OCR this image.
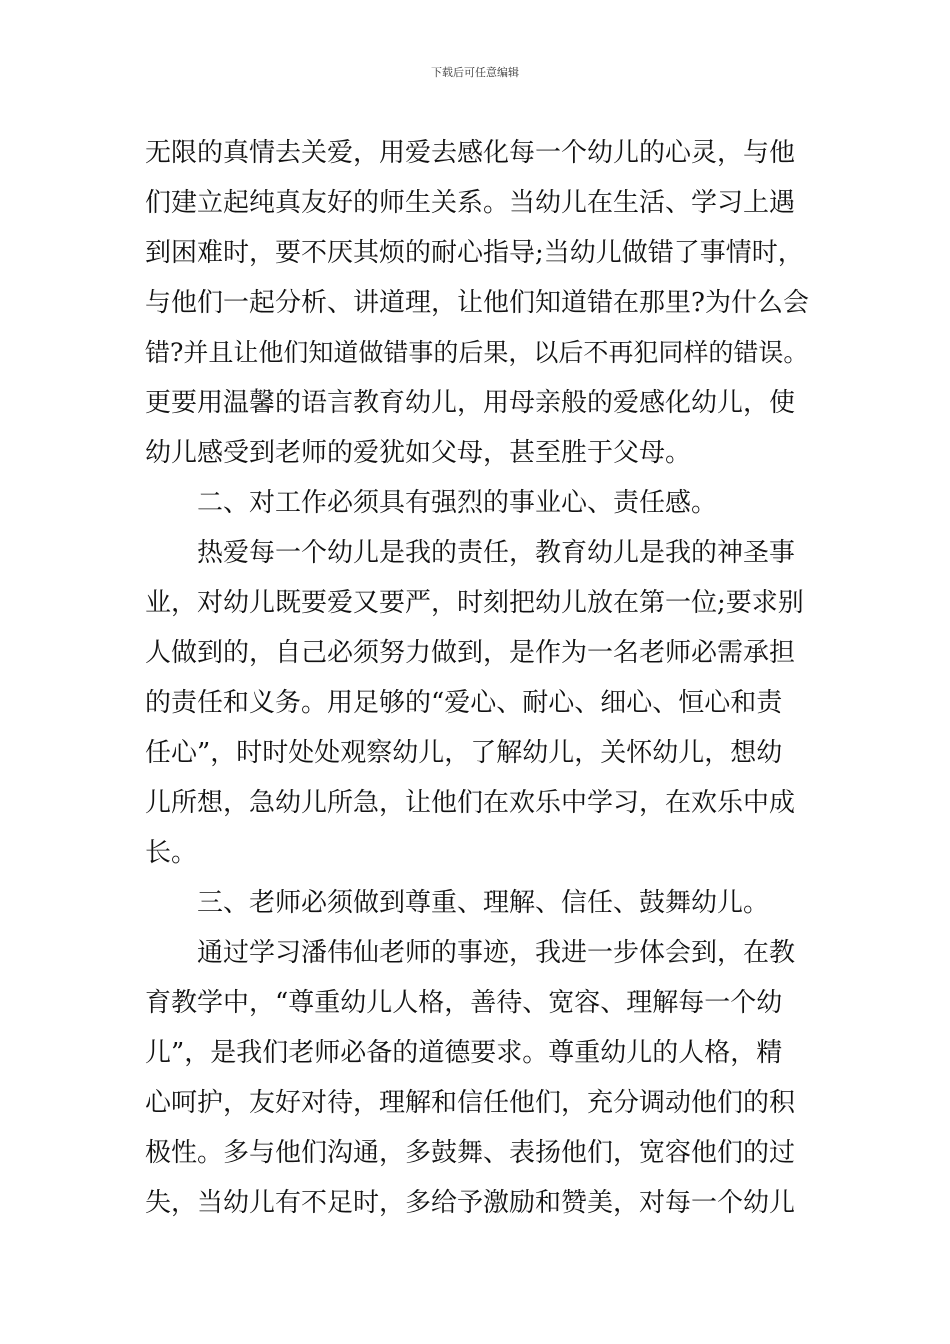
下载后可任意编辑
无限的真情去关爱，用爱去感化每一个幼儿的心灵，与他
们建立起纯真友好的师生关系。当幼儿在生活、学习上遇
到困难时，要不厌其烦的耐心指导;当幼儿做错了事情时，
与他们一起分析、讲道理，让他们知道错在那里?为什么会
错?并且让他们知道做错事的后果，以后不再犯同样的错误。
更要用温馨的语言教育幼儿，用母亲般的爱感化幼儿，使
幼儿感受到老师的爱犹如父母，甚至胜于父母。
二、对工作必须具有强烈的事业心、责任感。
热爱每一个幼儿是我的责任，教育幼儿是我的神圣事
业，对幼儿既要爱又要严，时刻把幼儿放在第一位;要求别
人做到的，自己必须努力做到，是作为一名老师必需承担
的责任和义务。用足够的“爱心、耐心、细心、恒心和责
任心”，时时处处观察幼儿，了解幼儿，关怀幼儿，想幼
儿所想，急幼儿所急，让他们在欢乐中学习，在欢乐中成
长。
三、老师必须做到尊重、理解、信任、鼓舞幼儿。
通过学习潘伟仙老师的事迹，我进一步体会到，在教
育教学中，“尊重幼儿人格，善待、宽容、理解每一个幼
儿”，是我们老师必备的道德要求。尊重幼儿的人格，精
心呵护，友好对待，理解和信任他们，充分调动他们的积
极性。多与他们沟通，多鼓舞、表扬他们，宽容他们的过
失，当幼儿有不足时，多给予激励和赞美，对每一个幼儿
